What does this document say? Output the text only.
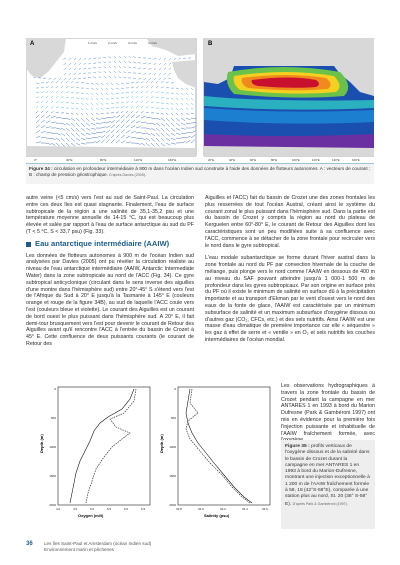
A	1 cm/s	2 cm/s	3 cm/s	4 cm/s
0°	40°E	80°E	120°E	160°E
B
20°E	40°E	60°E	80°E	100°E	120°E	140°E	160°E
Figure 34 : circulation en profondeur intermédiaire à 900 m dans l'océan Indien sud construite à l'aide des données de flotteurs autonomes. A : vecteurs de courant ; B : champ de pression géostrophique. D'après Davies (2005).

autre veine (<5 cm/s) vers l'est au sud de Saint-Paul. La circulation entre ces deux îles est quasi stagnante. Finalement, l'eau de surface subtropicale de la région a une salinité de 35,1-35,2 psu et une température moyenne annuelle de 14-15 °C, qui est beaucoup plus élevée et salée par rapport à l'eau de surface antarctique au sud du PF (T < 5 °C, S < 33,7 psu) (Fig. 33).

Eau antarctique intermédiaire (AAIW)

Les données de flotteurs autonomes à 900 m de l'océan Indien sud analysées par Davies (2005) ont pu révéler la circulation réaliste au niveau de l'eau antarctique intermédiaire (AAIW, Antarctic Intermediate Water) dans la zone subtropicale au nord de l'ACC (Fig. 34). Ce gyre subtropical anticyclonique (circulant dans le sens inverse des aiguilles d'une montre dans l'hémisphère sud) entre 20°-45° S s'étend vers l'est de l'Afrique du Sud à 20° E jusqu'à la Tasmanie à 145° E (couleurs orange et rouge de la figure 34B), au sud de laquelle l'ACC coule vers l'est (couleurs bleue et violette). Le courant des Aiguilles est un courant de bord ouest le plus puissant dans l'hémisphère sud. A 20° E, il fait demi-tour brusquement vers l'est pour devenir le courant de Retour des Aiguilles avant qu'il rencontre l'ACC à l'entrée du bassin de Crozet à 45° E. Cette confluence de deux puissants courants (le courant de Retour des

Aiguilles et l'ACC) fait du bassin de Crozet une des zones frontales les plus resserrées de tout l'océan Austral, créant ainsi le système du courant zonal le plus puissant dans l'hémisphère sud. Dans la partie est du bassin de Crozet y compris la région au nord du plateau de Kerguelen entre 60°-80° E, le courant de Retour des Aiguilles dont les caractéristiques sont un peu modifiées suite à sa confluence avec l'ACC, commence à se détacher de la zone frontale pour recirculer vers le nord dans le gyre subtropical.

L'eau modale subantarctique se forme durant l'hiver austral dans la zone frontale au nord du PF par convection hivernale de la couche de mélange, puis plonge vers le nord comme l'AAIW en dessous de 400 m au niveau du SAF pouvant atteindre jusqu'à 1 000-1 500 m de profondeur dans les gyres subtropicaux. Par son origine en surface près du PF où il existe le minimum de salinité en surface dû à la précipitation importante et au transport d'Ekman par le vent d'ouest vers le nord des eaux de la fonte de glace, l'AAIW est caractérisée par un minimum subsurface de salinité et un maximum subsurface d'oxygène dissous ou d'autres gaz (CO₂, CFCs, etc.) et des sels nutritifs. Ainsi l'AAIW est une masse d'eau climatique de première importance car elle « séquestre » les gaz à effet de serre et « ventile » en O₂ et sels nutritifs les couches intermédiaires de l'océan mondial.

Les observations hydrographiques à travers la zone frontale du bassin de Crozet pendant la campagne en mer ANTARES 1 en 1993 à bord du Marion Dufresne (Park & Gambéroni 1997) ont mis en évidence pour la première fois l'injection puissante et inhabituelle de l'AAIW fraîchement formée, avec

Oxygen (ml/l)
4.0	4.5	5.0	5.5	6.0	6.5
0
500
1000
1500
2000
Depth (m)
Salinity (psu)
33.8	34.0	34.2	34.4	34.6
0
500
1000
1500
2000
Depth (m)	Figure 35 : profils verticaux de l'oxygène dissous et de la salinité dans le bassin de Crozet durant la campagne en mer ANTARES 1 en 1993 à bord du Marion-Dufresne, montrant une injection exceptionnelle à 1 200 m de l'AAIW fraîchement formée à 58, 18 (42°S-58°E), comparée à une station plus au nord, St. 20 (38° S-58° E). D'après Park & Gambéroni (1997).
36 Les îles Saint-Paul et Amsterdam (océan Indien sud)
Environnement marin et pêcheries
